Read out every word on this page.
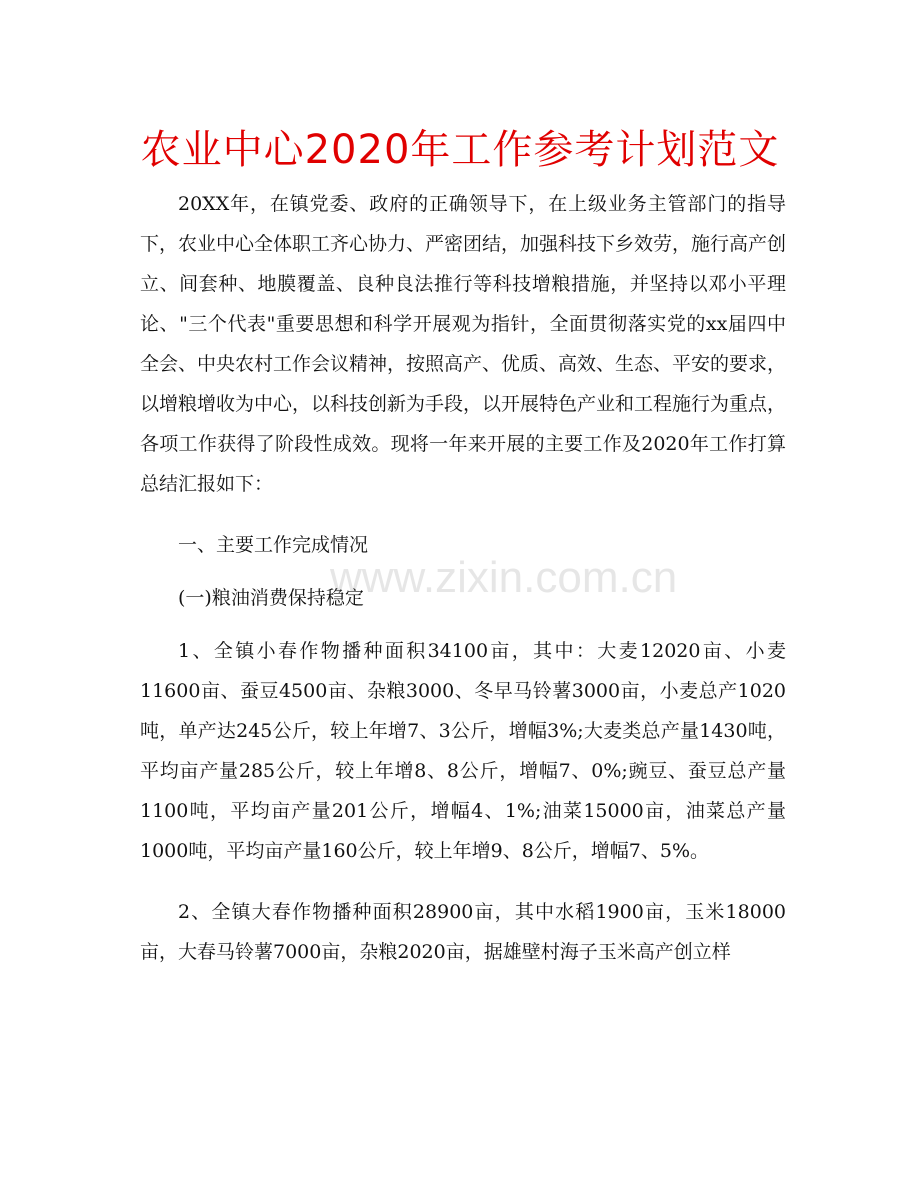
农业中心2020年工作参考计划范文

20XX年，在镇党委、政府的正确领导下，在上级业务主管部门的指导下，农业中心全体职工齐心协力、严密团结，加强科技下乡效劳，施行高产创立、间套种、地膜覆盖、良种良法推行等科技增粮措施，并坚持以邓小平理论、"三个代表"重要思想和科学开展观为指针，全面贯彻落实党的xx届四中全会、中央农村工作会议精神，按照高产、优质、高效、生态、平安的要求，以增粮增收为中心，以科技创新为手段，以开展特色产业和工程施行为重点，各项工作获得了阶段性成效。现将一年来开展的主要工作及2020年工作打算总结汇报如下：

一、主要工作完成情况

(一)粮油消费保持稳定

1、全镇小春作物播种面积34100亩，其中：大麦12020亩、小麦11600亩、蚕豆4500亩、杂粮3000、冬早马铃薯3000亩，小麦总产1020吨，单产达245公斤，较上年增7、3公斤，增幅3%;大麦类总产量1430吨，平均亩产量285公斤，较上年增8、8公斤，增幅7、0%;豌豆、蚕豆总产量1100吨，平均亩产量201公斤，增幅4、1%;油菜15000亩，油菜总产量1000吨，平均亩产量160公斤，较上年增9、8公斤，增幅7、5%。

2、全镇大春作物播种面积28900亩，其中水稻1900亩，玉米18000亩，大春马铃薯7000亩，杂粮2020亩，据雄壁村海子玉米高产创立样

www.zixin.com.cn
